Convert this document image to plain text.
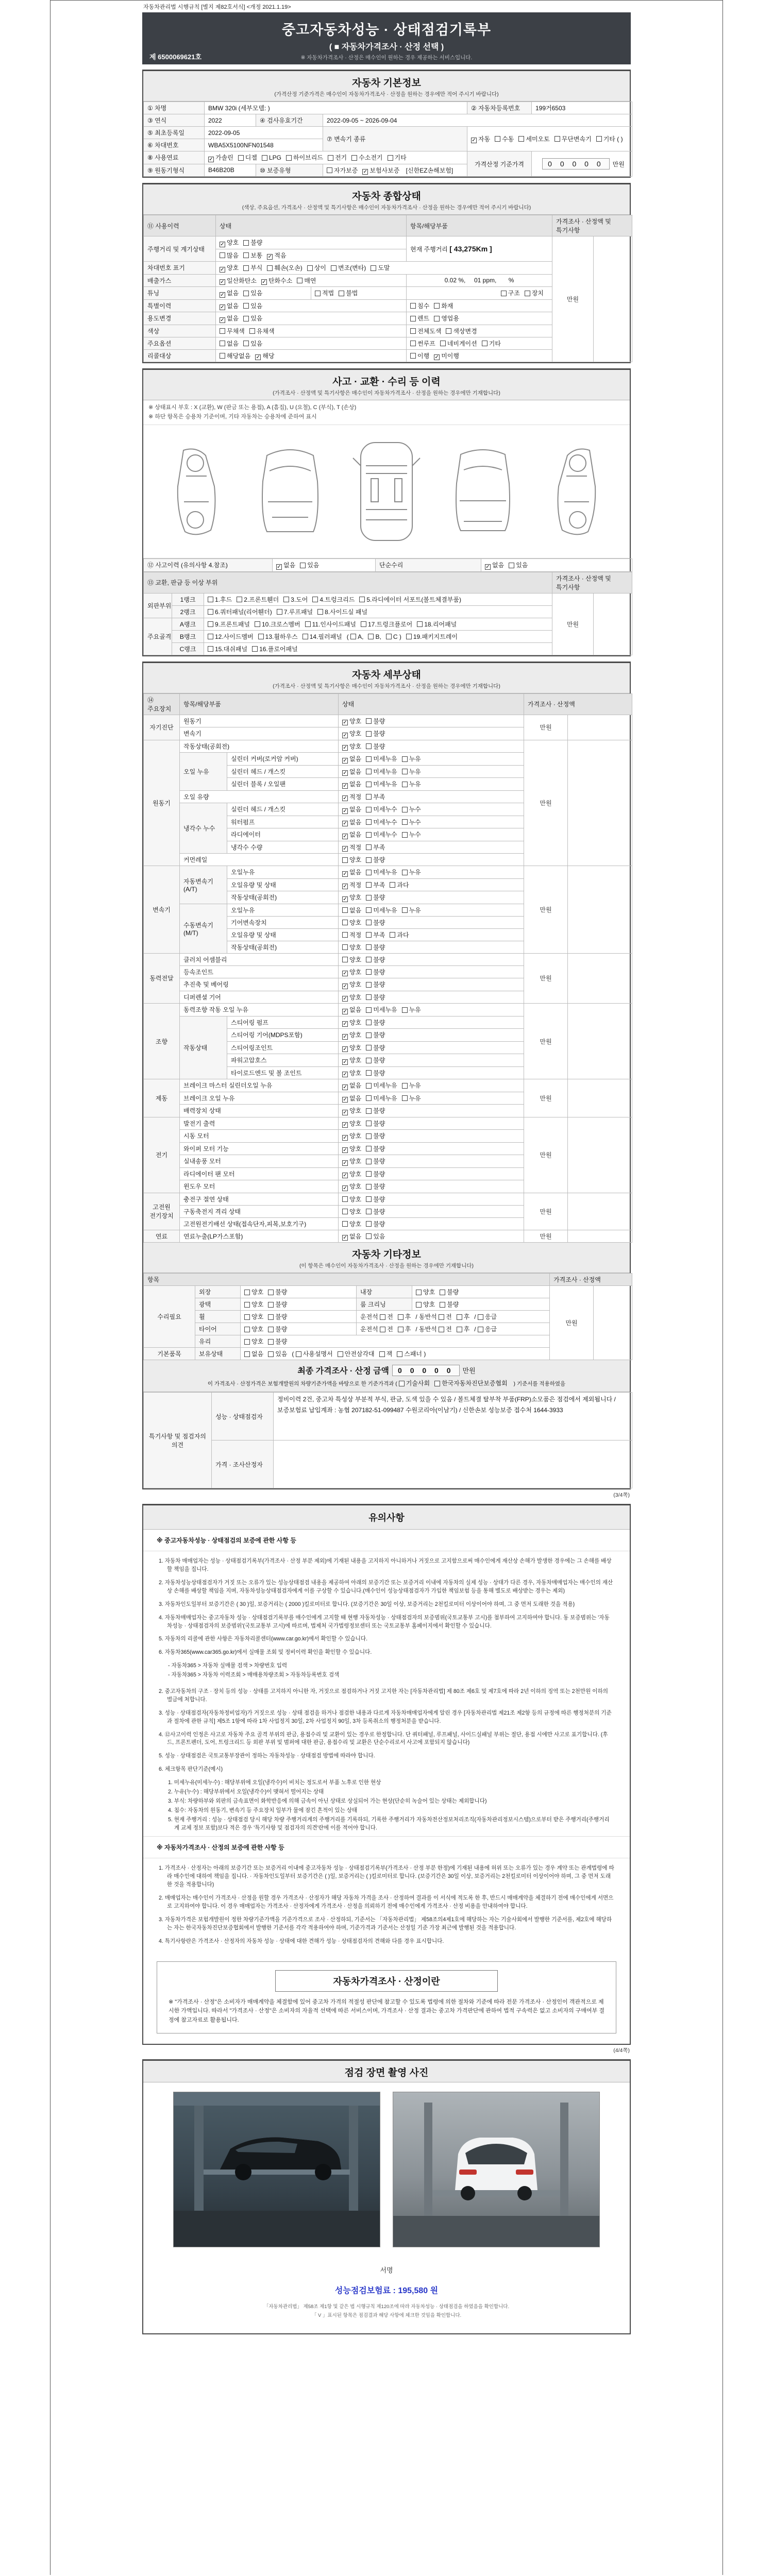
자동차관리법 시행규칙 [별지 제82호서식] <개정 2021.1.19>
중고자동차성능 · 상태점검기록부
( ■ 자동차가격조사 · 산정 선택 )
※ 자동차가격조사 · 산정은 매수인이 원하는 경우 제공하는 서비스입니다.
제 6500069621호
자동차 기본정보

(가격산정 기준가격은 매수인이 자동차가격조사 · 산정을 원하는 경우에만 적어 주시기 바랍니다)

① 차명	BMW 320i (세부모델: )			② 자동차등록번호	199거6503
③ 연식	2022	④ 검사유효기간	2022-09-05 ~ 2026-09-04		
⑤ 최초등록일	2022-09-05		⑦ 변속기 종류	✓자동 수동 세미오토 무단변속기 기타 ( )
⑥ 차대번호	WBA5X5100NFN01548				
⑧ 사용연료	✓가솔린 디젤 LPG 하이브리드 전기 수소전기 기타			가격산정 기준가격	0 0 0 0 0 만원
⑨ 원동기형식	B46B20B	⑩ 보증유형	자가보증 ✓ 보험사보증 [신한EZ손해보험]
자동차 종합상태

(색상, 주요옵션, 가격조사 · 산정액 및 특기사항은 매수인이 자동차가격조사 · 산정을 원하는 경우에만 적어 주시기 바랍니다)

⑪ 사용이력	상태		항목/해당부품	가격조사 · 산정액 및 특기사항	
주행거리 및 계기상태	✓양호 불량		현재 주행거리 [ 43,275Km ]	만원	
	많음 보통 ✓ 적음
차대번호 표기	✓양호 부식 훼손(오손) 상이 변조(변타) 도말
배출가스	✓일산화탄소 ✓ 탄화수소 매연		0.02 %,     01 ppm,       %		
튜닝	✓없음 있음	적법 불법	구조 장치		
특별이력	✓없음 있음		침수 화재		
용도변경	✓없음 있음		렌트 영업용		
색상	무채색 유채색		전체도색 색상변경		
주요옵션	없음 있음		썬루프 네비게이션 기타		
리콜대상	해당없음 ✓ 해당		이행 ✓ 미이행
사고 · 교환 · 수리 등 이력

(가격조사 · 산정액 및 특기사항은 매수인이 자동차가격조사 · 산정을 원하는 경우에만 기재합니다)

※ 상태표시 부호 : X (교환), W (판금 또는 용접), A (흠집), U (요철), C (부식), T (손상)
※ 하단 항목은 승용차 기준이며, 기타 자동차는 승용차에 준하여 표시
⑫ 사고이력 (유의사항 4.참조)	✓없음 있음	단순수리	✓없음 있음
⑬ 교환, 판금 등 이상 부위			가격조사 · 산정액 및 특기사항	
외판부위	1랭크	1.후드 2.프론트휀더 3.도어 4.트렁크리드 5.라디에이터 서포트(볼트체결부품)	만원	
	2랭크	6.쿼터패널(리어휀더) 7.루프패널 8.사이드실 패널		
주요골격	A랭크	9.프론트패널 10.크로스멤버 11.인사이드패널 17.트렁크플로어 18.리어패널		
	B랭크	12.사이드멤버 13.휠하우스 14.필러패널 ( A, B, C ) 19.패키지트레이		
	C랭크	15.대쉬패널 16.플로어패널		
자동차 세부상태

(가격조사 · 산정액 및 특기사항은 매수인이 자동차가격조사 · 산정을 원하는 경우에만 기재합니다)

⑭ 주요장치	항목/해당부품		상태	가격조사 · 산정액	
자기진단	원동기	✓양호 불량	만원	
	변속기	✓양호 불량
원동기	작동상태(공회전)	✓양호 불량	만원	
	오일 누유	실린더 커버(로커암 커버)	✓없음 미세누유 누유
		실린더 헤드 / 개스킷	✓없음 미세누유 누유
		실린더 블록 / 오일팬	✓없음 미세누유 누유
	오일 유량	✓적정 부족
	냉각수 누수	실린더 헤드 / 개스킷	✓없음 미세누수 누수
		워터펌프	✓없음 미세누수 누수
		라디에이터	✓없음 미세누수 누수
		냉각수 수량	✓적정 부족
	커먼레일		양호 불량		
변속기	자동변속기 (A/T)	오일누유	✓없음 미세누유 누유	만원	
		오일유량 및 상태	✓적정 부족 과다
		작동상태(공회전)	✓양호 불량
	수동변속기 (M/T)	오일누유	없음 미세누유 누유		
		기어변속장치	양호 불량		
		오일유량 및 상태	적정 부족 과다		
		작동상태(공회전)	양호 불량		
동력전달	클러치 어셈블리		양호 불량	만원	
	등속조인트	✓양호 불량
	추진축 및 베어링	✓양호 불량
	디퍼렌셜 기어	✓양호 불량
조향	동력조향 작동 오일 누유	✓없음 미세누유 누유	만원	
	작동상태	스티어링 펌프	✓양호 불량
		스티어링 기어(MDPS포함)	✓양호 불량
		스티어링조인트	✓양호 불량
		파워고압호스	✓양호 불량
		타이로드엔드 및 볼 조인트	✓양호 불량
제동	브레이크 마스터 실린더오일 누유	✓없음 미세누유 누유	만원	
	브레이크 오일 누유	✓없음 미세누유 누유
	배력장치 상태	✓양호 불량
전기	발전기 출력	✓양호 불량	만원	
	시동 모터	✓양호 불량
	와이퍼 모터 기능	✓양호 불량
	실내송풍 모터	✓양호 불량
	라디에이터 팬 모터	✓양호 불량
	윈도우 모터	✓양호 불량
고전원 전기장치	충전구 절연 상태		양호 불량	만원	
	구동축전지 격리 상태		양호 불량		
	고전원전기배선 상태(접속단자,피복,보호기구)		양호 불량		
연료	연료누출(LP가스포함)	✓없음 있음	만원	
자동차 기타정보

(이 항목은 매수인이 자동차가격조사 · 산정을 원하는 경우에만 기재합니다)

항목					가격조사 · 산정액	
수리필요	외장	양호 불량	내장	양호 불량	만원	
	광택	양호 불량	룸 크리닝	양호 불량		
	휠	양호 불량	운전석 전 후 / 동반석 전 후 / 응급			
	타이어	양호 불량	운전석 전 후 / 동반석 전 후 / 응급			
	유리	양호 불량				
기본품목	보유상태	없음 있음 ( 사용설명서 안전삼각대 잭 스패너 )				
최종 가격조사 · 산정 금액	0 0 0 0 0	만원
이 가격조사 · 산정가격은 보험개발원의 차량기준가액을 바탕으로 한 기준가격과 ( 기술사회 한국자동차진단보증협회 ) 기준서를 적용하였음
특기사항 및 점검자의 의견	성능 · 상태점검자	정비이력 2건, 중고차 특성상 부분적 부식, 판금, 도색 있을 수 있음 / 볼트체결 탈부착 부품(FRP)소모품은 점검에서 제외됩니다 / 보증보험료 납입계좌 : 농협 207182-51-099487 수원코리아(이남기) / 신한손보 성능보증 접수처 1644-3933
	가격 · 조사산정자	
(3/4쪽)
유의사항
※ 중고자동차성능 · 상태점검의 보증에 관한 사항 등

1. 자동차 매매업자는 성능 · 상태점검기록부(가격조사 · 산정 부분 제외)에 기재된 내용을 고지하지 아니하거나 거짓으로 고지함으로써 매수인에게 재산상 손해가 발생한 경우에는 그 손해를 배상할 책임을 집니다.

2. 자동차성능상태점검자가 거짓 또는 오류가 있는 성능상태점검 내용을 제공하여 아래의 보증기간 또는 보증거리 이내에 자동차의 실제 성능 · 상태가 다른 경우, 자동차매매업자는 매수인의 재산상 손해를 배상할 책임을 지며, 자동차성능상태점검자에게 이를 구상할 수 있습니다.(매수인이 성능상태점검자가 가입한 책임보험 등을 통해 별도로 배상받는 경우는 제외)

3. 자동차인도일부터 보증기간은 ( 30 )일, 보증거리는 ( 2000 )킬로미터로 합니다. (보증기간은 30일 이상, 보증거리는 2천킬로미터 이상이어야 하며, 그 중 먼저 도래한 것을 적용)

4. 자동차매매업자는 중고자동차 성능 · 상태점검기록부를 매수인에게 고지할 때 현행 자동차성능 · 상태점검자의 보증범위(국토교통부 고시)를 첨부하여 고지하여야 합니다. 동 보증범위는 '자동차성능 · 상태점검자의 보증범위'(국토교통부 고시)에 따르며, 법제처 국가법령정보센터 또는 국토교통부 홈페이지에서 확인할 수 있습니다.

5. 자동차의 리콜에 관한 사항은 자동차리콜센터(www.car.go.kr)에서 확인할 수 있습니다.

6. 자동차365(www.car365.go.kr)에서 실매물 조회 및 정비이력 확인을 확인할 수 있습니다.

- 자동차365 > 자동차 실매물 검색 > 차량번호 입력

- 자동차365 > 자동차 이력조회 > 매매용차량조회 > 자동차등록번호 검색

2. 중고자동차의 구조 · 장치 등의 성능 · 상태를 고지하지 아니한 자, 거짓으로 점검하거나 거짓 고지한 자는 [자동차관리법] 제 80조 제6호 및 제7호에 따라 2년 이하의 징역 또는 2천만원 이하의 벌금에 처합니다.

3. 성능 · 상태점검자(자동차정비업자)가 거짓으로 성능 · 상태 점검을 하거나 점검한 내용과 다르게 자동차매매업자에게 알린 경우 [자동차관리법 제21조 제2항 등의 규정에 따른 행정처분의 기준과 절차에 관한 규칙] 제5조 1항에 따라 1차 사업정지 30일, 2차 사업정지 90일, 3차 등록취소의 행정처분을 받습니다.

4. ⑫사고이력 인정은 사고로 자동차 주요 골격 부위의 판금, 용접수리 및 교환이 있는 경우로 한정합니다. 단 쿼터패널, 루프패널, 사이드실패널 부위는 절단, 용접 시에만 사고로 표기합니다. (후드, 프론트펜더, 도어, 트렁크리드 등 외판 부위 및 범퍼에 대한 판금, 용접수리 및 교환은 단순수리로서 사고에 포함되지 않습니다)

5. 성능 · 상태점검은 국토교통부장관이 정하는 자동차성능 · 상태점검 방법에 따라야 합니다.

6. 체크항목 판단기준(예시)

1. 미세누유(미세누수) : 해당부위에 오일(냉각수)이 비치는 정도로서 부품 노후로 인한 현상

2. 누유(누수) : 해당부위에서 오일(냉각수)이 맺혀서 떨어지는 상태

3. 부식: 차량하부와 외판의 금속표면이 화학반응에 의해 금속이 아닌 상태로 상실되어 가는 현상(단순히 녹슬어 있는 상태는 제외합니다)

4. 침수: 자동차의 원동기, 변속기 등 주요장치 일부가 물에 잠긴 흔적이 있는 상태

5. 현재 주행거리 : 성능 · 상태점검 당시 해당 차량 주행거리계의 주행거리를 기록하되, 기록한 주행거리가 자동차전산정보처리조직(자동차관리정보시스템)으로부터 받은 주행거리(주행거리계 교체 정보 포함)보다 적은 경우 '특기사항 및 점검자의 의견'란에 이를 적어야 합니다.

※ 자동차가격조사 · 산정의 보증에 관한 사항 등

1. 가격조사 · 산정자는 아래의 보증기간 또는 보증거리 이내에 중고자동차 성능 · 상태점검기록부(가격조사 · 산정 부분 한정)에 기재된 내용에 허위 또는 오류가 있는 경우 계약 또는 관계법령에 따라 매수인에 대하여 책임을 집니다. · 자동차인도일부터 보증기간은 ( )일, 보증거리는 ( )킬로미터로 합니다. (보증기간은 30일 이상, 보증거리는 2천킬로미터 이상이어야 하며, 그 중 먼저 도래한 것을 적용합니다)

2. 매매업자는 매수인이 가격조사 · 산정을 원할 경우 가격조사 · 산정자가 해당 자동차 가격을 조사 · 산정하여 결과를 이 서식에 적도록 한 후, 반드시 매매계약을 체결하기 전에 매수인에게 서면으로 고지하여야 합니다. 이 경우 매매업자는 가격조사 · 산정자에게 가격조사 · 산정을 의뢰하기 전에 매수인에게 가격조사 · 산정 비용을 안내하여야 합니다.

3. 자동차가격은 보험개발원이 정한 차량기준가액을 기준가격으로 조사 · 산정하되, 기준서는 「자동차관리법」 제58조의4제1호에 해당하는 자는 기술사회에서 발행한 기준서를, 제2호에 해당하는 자는 한국자동차진단보증협회에서 발행한 기준서를 각각 적용하여야 하며, 기준가격과 기준서는 산정일 기준 가장 최근에 발행된 것을 적용합니다.

4. 특기사항란은 가격조사 · 산정자의 자동차 성능 · 상태에 대한 견해가 성능 · 상태점검자의 견해와 다를 경우 표시합니다.

자동차가격조사 · 산정이란
※ "가격조사 · 산정"은 소비자가 매매계약을 체결함에 있어 중고차 가격의 적절성 판단에 참고할 수 있도록 법령에 의한 절차와 기준에 따라 전문 가격조사 · 산정인이 객관적으로 제시한 가액입니다. 따라서 "가격조사 · 산정"은 소비자의 자율적 선택에 따른 서비스이며, 가격조사 · 산정 결과는 중고차 가격판단에 관하여 법적 구속력은 없고 소비자의 구매여부 결정에 참고자료로 활용됩니다.
(4/4쪽)
점검 장면 촬영 사진
서명
성능점검보험료 : 195,580 원
「자동차관리법」 제58조 제1항 및 같은 법 시행규칙 제120조에 따라 자동차성능 · 상태점검을 하였음을 확인합니다.
「 V 」표시된 항목은 점검결과 해당 사항에 체크한 것임을 확인합니다.
